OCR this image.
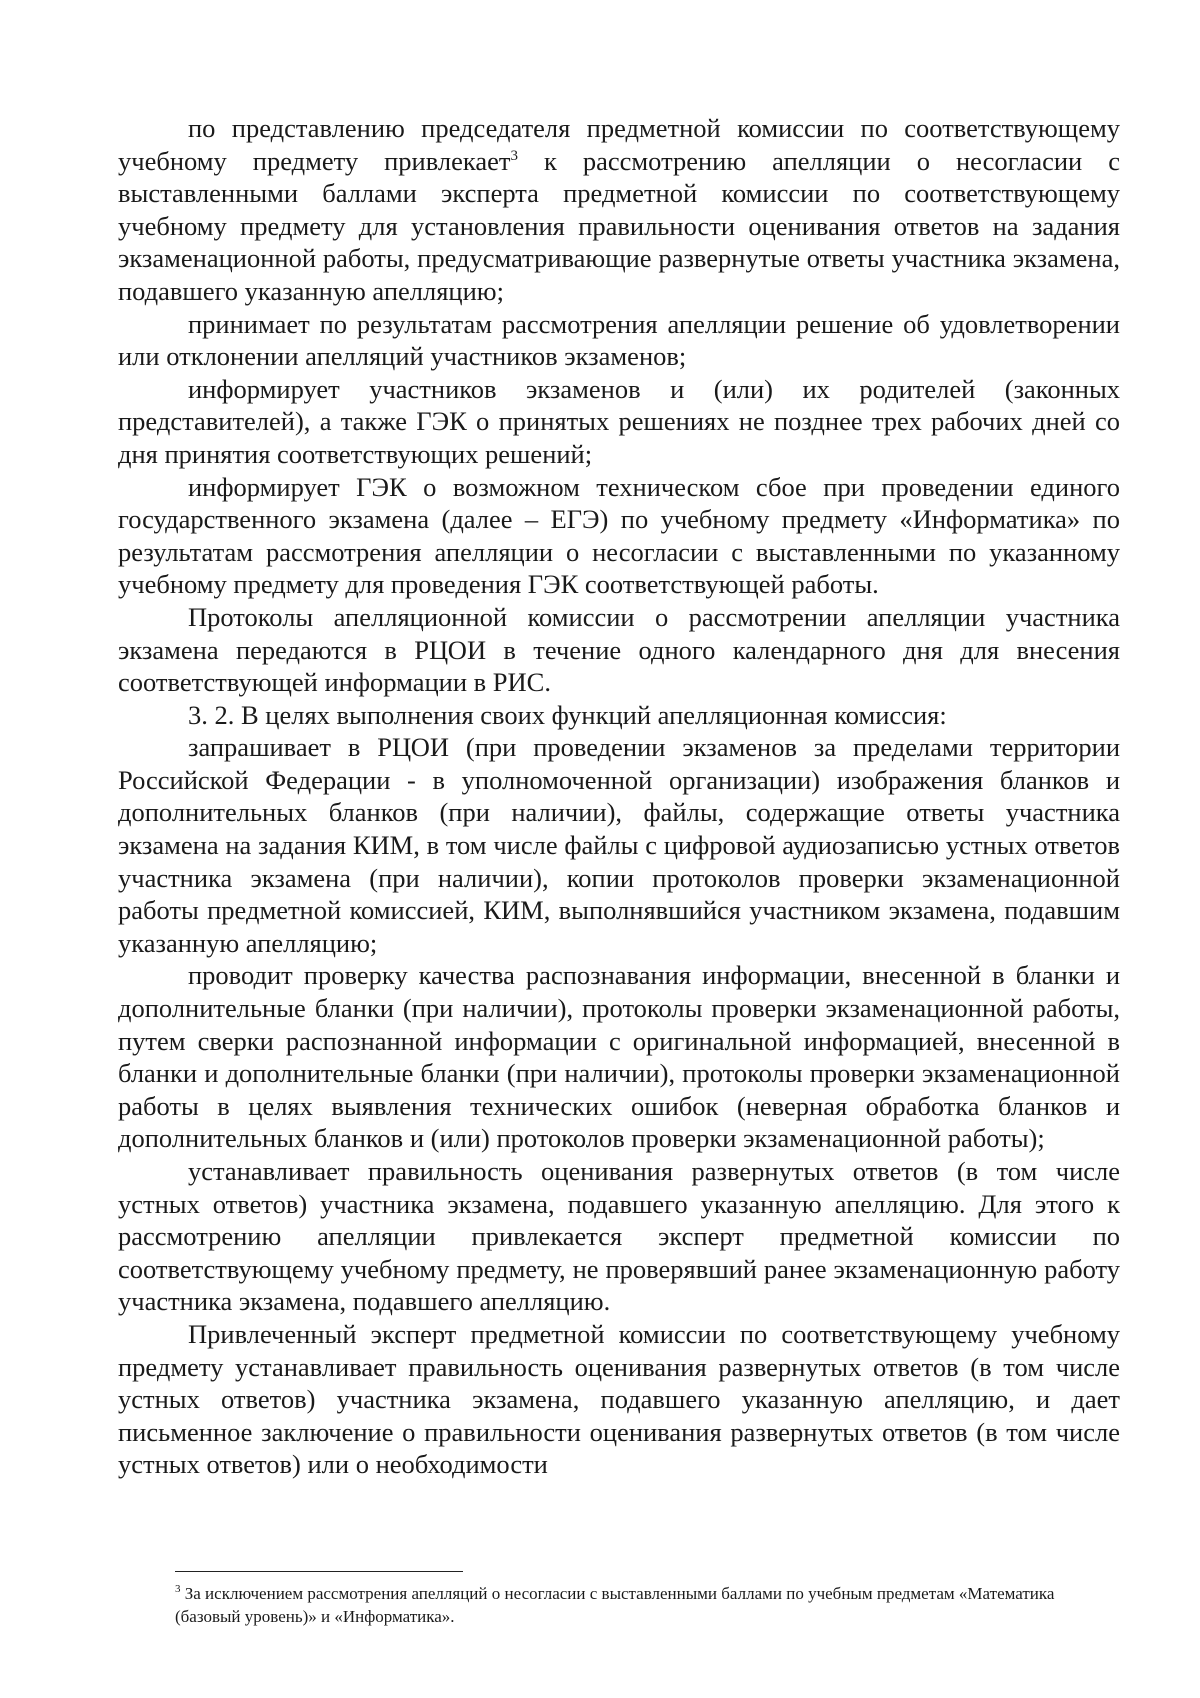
по представлению председателя предметной комиссии по соответствующему учебному предмету привлекает$^3$ к рассмотрению апелляции о несогласии с выставленными баллами эксперта предметной комиссии по соответствующему учебному предмету для установления правильности оценивания ответов на задания экзаменационной работы, предусматривающие развернутые ответы участника экзамена, подавшего указанную апелляцию;

принимает по результатам рассмотрения апелляции решение об удовлетворении или отклонении апелляций участников экзаменов;

информирует участников экзаменов и (или) их родителей (законных представителей), а также ГЭК о принятых решениях не позднее трех рабочих дней со дня принятия соответствующих решений;

информирует ГЭК о возможном техническом сбое при проведении единого государственного экзамена (далее – ЕГЭ) по учебному предмету «Информатика» по результатам рассмотрения апелляции о несогласии с выставленными по указанному учебному предмету для проведения ГЭК соответствующей работы.

Протоколы апелляционной комиссии о рассмотрении апелляции участника экзамена передаются в РЦОИ в течение одного календарного дня для внесения соответствующей информации в РИС.

3. 2. В целях выполнения своих функций апелляционная комиссия:

запрашивает в РЦОИ (при проведении экзаменов за пределами территории Российской Федерации - в уполномоченной организации) изображения бланков и дополнительных бланков (при наличии), файлы, содержащие ответы участника экзамена на задания КИМ, в том числе файлы с цифровой аудиозаписью устных ответов участника экзамена (при наличии), копии протоколов проверки экзаменационной работы предметной комиссией, КИМ, выполнявшийся участником экзамена, подавшим указанную апелляцию;

проводит проверку качества распознавания информации, внесенной в бланки и дополнительные бланки (при наличии), протоколы проверки экзаменационной работы, путем сверки распознанной информации с оригинальной информацией, внесенной в бланки и дополнительные бланки (при наличии), протоколы проверки экзаменационной работы в целях выявления технических ошибок (неверная обработка бланков и дополнительных бланков и (или) протоколов проверки экзаменационной работы);

устанавливает правильность оценивания развернутых ответов (в том числе устных ответов) участника экзамена, подавшего указанную апелляцию. Для этого к рассмотрению апелляции привлекается эксперт предметной комиссии по соответствующему учебному предмету, не проверявший ранее экзаменационную работу участника экзамена, подавшего апелляцию.

Привлеченный эксперт предметной комиссии по соответствующему учебному предмету устанавливает правильность оценивания развернутых ответов (в том числе устных ответов) участника экзамена, подавшего указанную апелляцию, и дает письменное заключение о правильности оценивания развернутых ответов (в том числе устных ответов) или о необходимости

$^3$ За исключением рассмотрения апелляций о несогласии с выставленными баллами по учебным предметам «Математика (базовый уровень)» и «Информатика».
